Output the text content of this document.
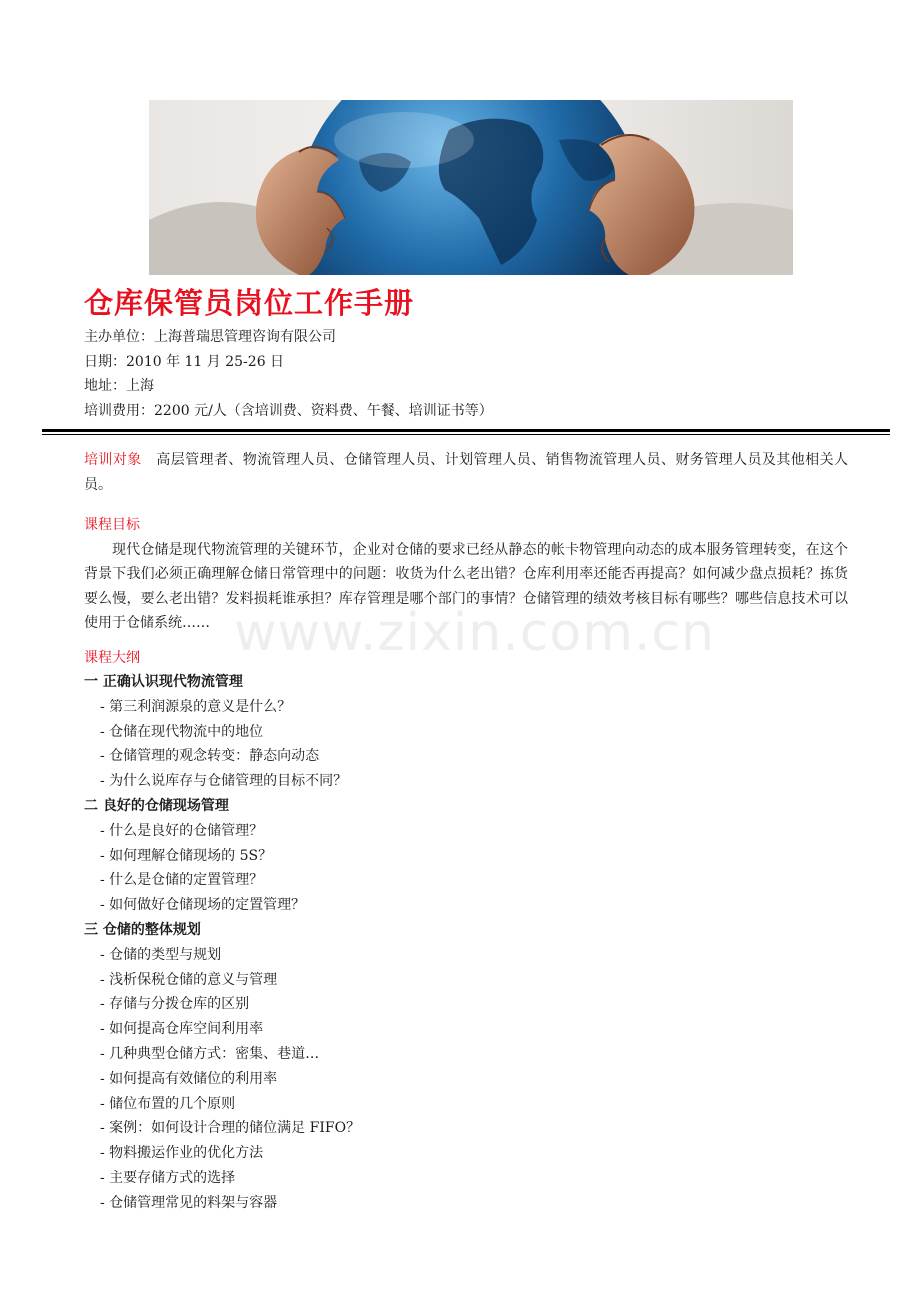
仓库保管员岗位工作手册
主办单位：上海普瑞思管理咨询有限公司
日期：2010 年 11 月 25-26 日
地址：上海
培训费用：2200 元/人（含培训费、资料费、午餐、培训证书等）

培训对象 高层管理者、物流管理人员、仓储管理人员、计划管理人员、销售物流管理人员、财务管理人员及其他相关人员。

课程目标

现代仓储是现代物流管理的关键环节，企业对仓储的要求已经从静态的帐卡物管理向动态的成本服务管理转变，在这个背景下我们必须正确理解仓储日常管理中的问题：收货为什么老出错？仓库利用率还能否再提高？如何减少盘点损耗？拣货要么慢，要么老出错？发料损耗谁承担？库存管理是哪个部门的事情？仓储管理的绩效考核目标有哪些？哪些信息技术可以使用于仓储系统……

课程大纲
一 正确认识现代物流管理
- 第三利润源泉的意义是什么？
- 仓储在现代物流中的地位
- 仓储管理的观念转变：静态向动态
- 为什么说库存与仓储管理的目标不同？
二 良好的仓储现场管理
- 什么是良好的仓储管理？
- 如何理解仓储现场的 5S？
- 什么是仓储的定置管理？
- 如何做好仓储现场的定置管理？
三 仓储的整体规划
- 仓储的类型与规划
- 浅析保税仓储的意义与管理
- 存储与分拨仓库的区别
- 如何提高仓库空间利用率
- 几种典型仓储方式：密集、巷道…
- 如何提高有效储位的利用率
- 储位布置的几个原则
- 案例：如何设计合理的储位满足 FIFO？
- 物料搬运作业的优化方法
- 主要存储方式的选择
- 仓储管理常见的料架与容器
www.zixin.com.cn
